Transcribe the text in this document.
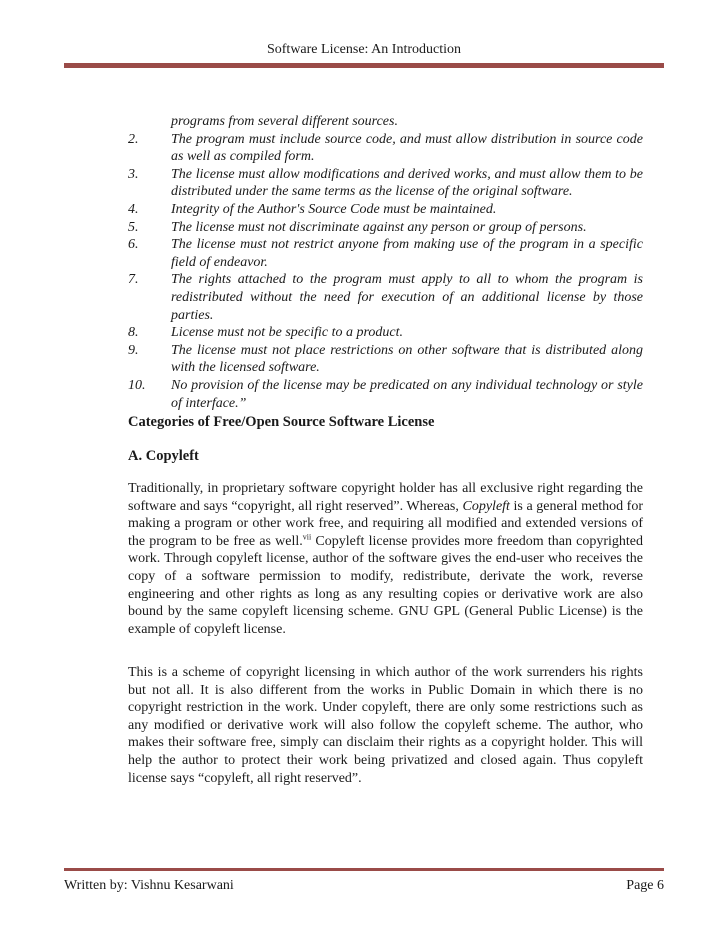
Software License: An Introduction
programs from several different sources.
2.	The program must include source code, and must allow distribution in source code as well as compiled form.
3.	The license must allow modifications and derived works, and must allow them to be distributed under the same terms as the license of the original software.
4.	Integrity of the Author's Source Code must be maintained.
5.	The license must not discriminate against any person or group of persons.
6.	The license must not restrict anyone from making use of the program in a specific field of endeavor.
7.	The rights attached to the program must apply to all to whom the program is redistributed without the need for execution of an additional license by those parties.
8.	License must not be specific to a product.
9.	The license must not place restrictions on other software that is distributed along with the licensed software.
10.	No provision of the license may be predicated on any individual technology or style of interface.”
Categories of Free/Open Source Software License
A. Copyleft

Traditionally, in proprietary software copyright holder has all exclusive right regarding the software and says “copyright, all right reserved”. Whereas, Copyleft is a general method for making a program or other work free, and requiring all modified and extended versions of the program to be free as well.$^{vii}$ Copyleft license provides more freedom than copyrighted work. Through copyleft license, author of the software gives the end-user who receives the copy of a software permission to modify, redistribute, derivate the work, reverse engineering and other rights as long as any resulting copies or derivative work are also bound by the same copyleft licensing scheme. GNU GPL (General Public License) is the example of copyleft license.

This is a scheme of copyright licensing in which author of the work surrenders his rights but not all. It is also different from the works in Public Domain in which there is no copyright restriction in the work. Under copyleft, there are only some restrictions such as any modified or derivative work will also follow the copyleft scheme. The author, who makes their software free, simply can disclaim their rights as a copyright holder. This will help the author to protect their work being privatized and closed again. Thus copyleft license says “copyleft, all right reserved”.

Written by: Vishnu Kesarwani	Page 6
